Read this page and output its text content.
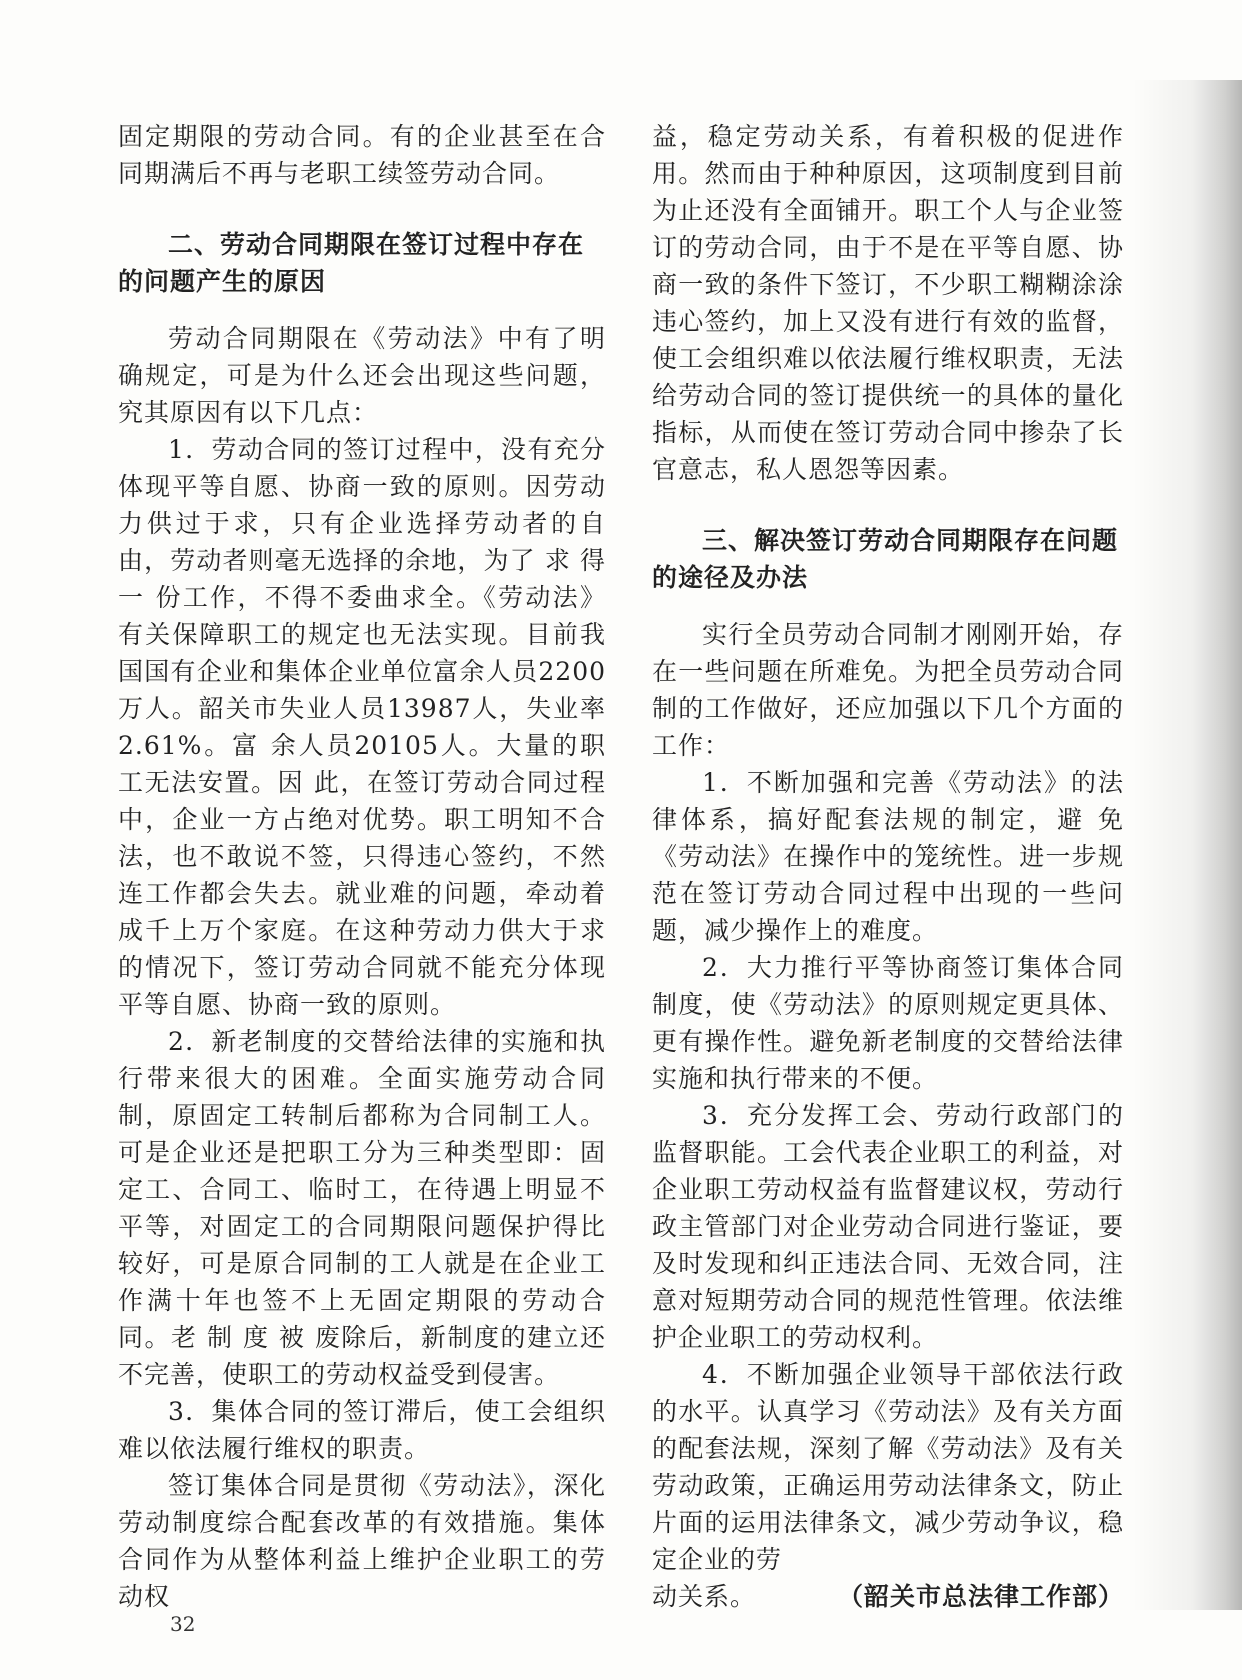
固定期限的劳动合同。有的企业甚至在合同期满后不再与老职工续签劳动合同。

二、劳动合同期限在签订过程中存在的问题产生的原因

劳动合同期限在《劳动法》中有了明确规定，可是为什么还会出现这些问题，究其原因有以下几点：

1．劳动合同的签订过程中，没有充分体现平等自愿、协商一致的原则。因劳动力供过于求，只有企业选择劳动者的自由，劳动者则毫无选择的余地，为了 求 得 一 份工作，不得不委曲求全。《劳动法》有关保障职工的规定也无法实现。目前我国国有企业和集体企业单位富余人员2200万人。韶关市失业人员13987人，失业率2.61%。富 余人员20105人。大量的职工无法安置。因 此，在签订劳动合同过程中，企业一方占绝对优势。职工明知不合法，也不敢说不签，只得违心签约，不然连工作都会失去。就业难的问题，牵动着成千上万个家庭。在这种劳动力供大于求的情况下，签订劳动合同就不能充分体现平等自愿、协商一致的原则。

2．新老制度的交替给法律的实施和执行带来很大的困难。全面实施劳动合同制，原固定工转制后都称为合同制工人。可是企业还是把职工分为三种类型即：固定工、合同工、临时工，在待遇上明显不平等，对固定工的合同期限问题保护得比较好，可是原合同制的工人就是在企业工作满十年也签不上无固定期限的劳动合同。老 制 度 被 废除后，新制度的建立还不完善，使职工的劳动权益受到侵害。

3．集体合同的签订滞后，使工会组织难以依法履行维权的职责。

签订集体合同是贯彻《劳动法》，深化劳动制度综合配套改革的有效措施。集体合同作为从整体利益上维护企业职工的劳动权

益，稳定劳动关系，有着积极的促进作用。然而由于种种原因，这项制度到目前为止还没有全面铺开。职工个人与企业签订的劳动合同，由于不是在平等自愿、协商一致的条件下签订，不少职工糊糊涂涂违心签约，加上又没有进行有效的监督，使工会组织难以依法履行维权职责，无法给劳动合同的签订提供统一的具体的量化指标，从而使在签订劳动合同中掺杂了长官意志，私人恩怨等因素。

三、解决签订劳动合同期限存在问题的途径及办法

实行全员劳动合同制才刚刚开始，存在一些问题在所难免。为把全员劳动合同制的工作做好，还应加强以下几个方面的工作：

1．不断加强和完善《劳动法》的法律体系，搞好配套法规的制定，避 免《劳动法》在操作中的笼统性。进一步规范在签订劳动合同过程中出现的一些问题，减少操作上的难度。

2．大力推行平等协商签订集体合同制度，使《劳动法》的原则规定更具体、更有操作性。避免新老制度的交替给法律实施和执行带来的不便。

3．充分发挥工会、劳动行政部门的监督职能。工会代表企业职工的利益，对企业职工劳动权益有监督建议权，劳动行政主管部门对企业劳动合同进行鉴证，要及时发现和纠正违法合同、无效合同，注意对短期劳动合同的规范性管理。依法维护企业职工的劳动权利。

4．不断加强企业领导干部依法行政的水平。认真学习《劳动法》及有关方面的配套法规，深刻了解《劳动法》及有关劳动政策，正确运用劳动法律条文，防止片面的运用法律条文，减少劳动争议，稳定企业的劳

动关系。	（韶关市总法律工作部）
32
